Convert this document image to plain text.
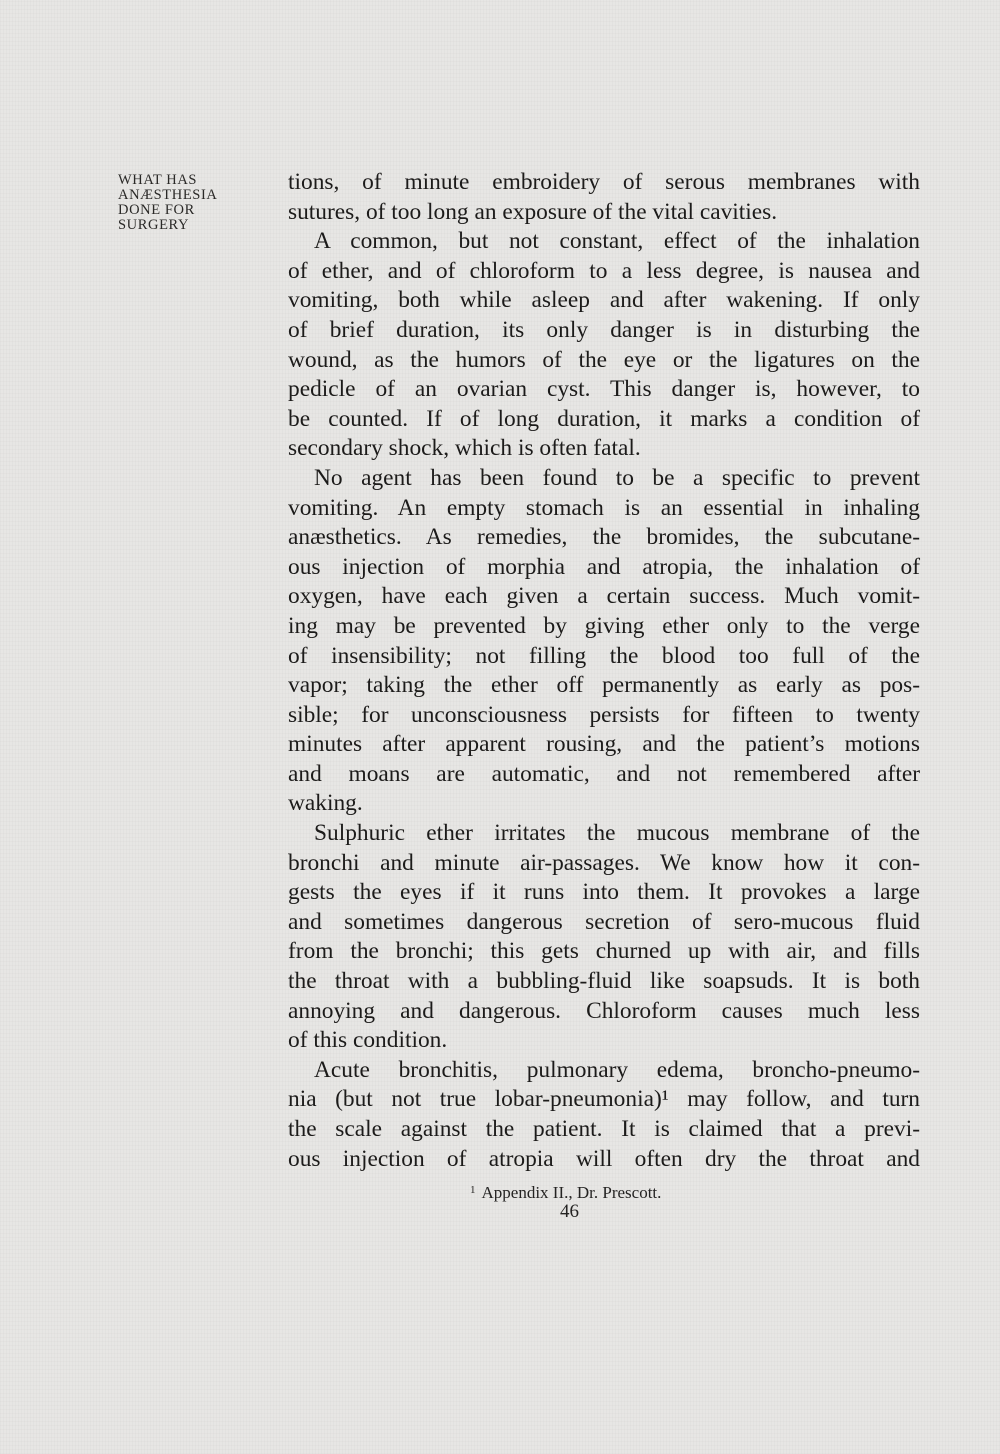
WHAT HAS
ANÆSTHESIA
DONE FOR
SURGERY
tions, of minute embroidery of serous membranes with
sutures, of too long an exposure of the vital cavities.
A common, but not constant, effect of the inhalation
of ether, and of chloroform to a less degree, is nausea and
vomiting, both while asleep and after wakening. If only
of brief duration, its only danger is in disturbing the
wound, as the humors of the eye or the ligatures on the
pedicle of an ovarian cyst. This danger is, however, to
be counted. If of long duration, it marks a condition of
secondary shock, which is often fatal.
No agent has been found to be a specific to prevent
vomiting. An empty stomach is an essential in inhaling
anæsthetics. As remedies, the bromides, the subcutane-
ous injection of morphia and atropia, the inhalation of
oxygen, have each given a certain success. Much vomit-
ing may be prevented by giving ether only to the verge
of insensibility; not filling the blood too full of the
vapor; taking the ether off permanently as early as pos-
sible; for unconsciousness persists for fifteen to twenty
minutes after apparent rousing, and the patient’s motions
and moans are automatic, and not remembered after
waking.
Sulphuric ether irritates the mucous membrane of the
bronchi and minute air-passages. We know how it con-
gests the eyes if it runs into them. It provokes a large
and sometimes dangerous secretion of sero-mucous fluid
from the bronchi; this gets churned up with air, and fills
the throat with a bubbling-fluid like soapsuds. It is both
annoying and dangerous. Chloroform causes much less
of this condition.
Acute bronchitis, pulmonary edema, broncho-pneumo-
nia (but not true lobar-pneumonia)¹ may follow, and turn
the scale against the patient. It is claimed that a previ-
ous injection of atropia will often dry the throat and
$^1$ Appendix II., Dr. Prescott.
46
